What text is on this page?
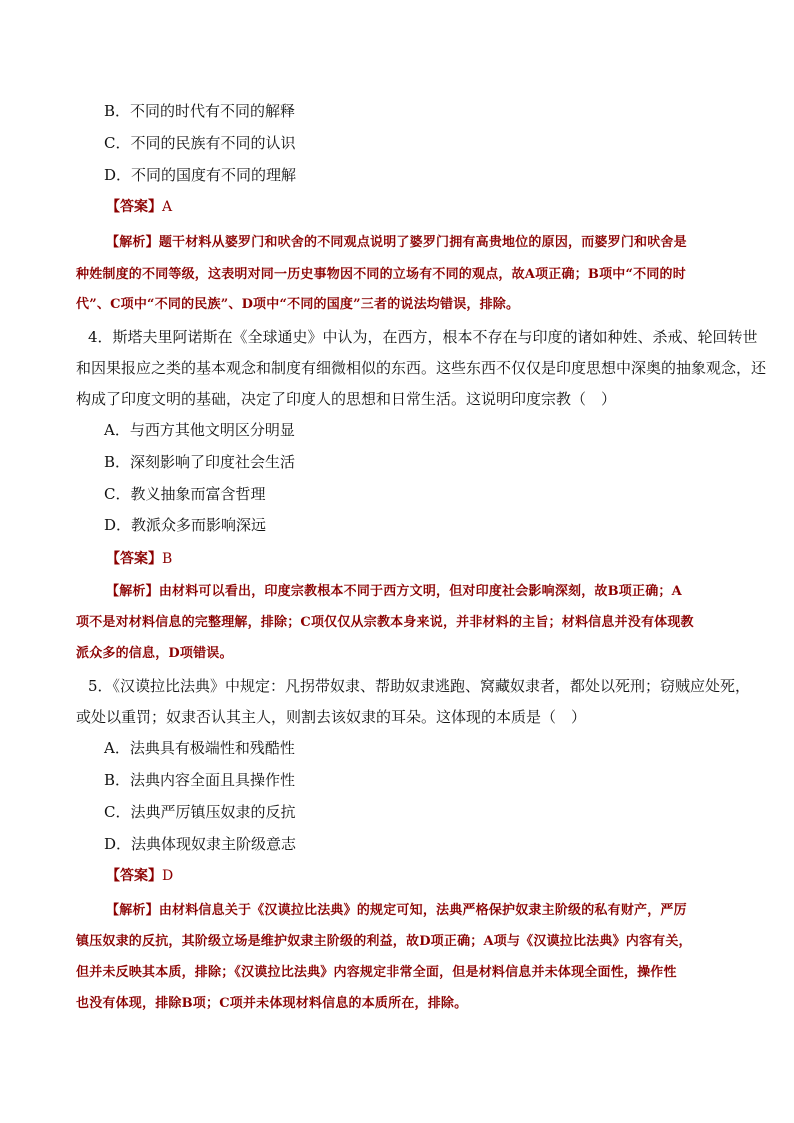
B．不同的时代有不同的解释
C．不同的民族有不同的认识
D．不同的国度有不同的理解
【答案】A
【解析】题干材料从婆罗门和吠舍的不同观点说明了婆罗门拥有高贵地位的原因，而婆罗门和吠舍是
种姓制度的不同等级，这表明对同一历史事物因不同的立场有不同的观点，故A项正确；B项中“不同的时
代”、C项中“不同的民族”、D项中“不同的国度”三者的说法均错误，排除。
4．斯塔夫里阿诺斯在《全球通史》中认为，在西方，根本不存在与印度的诸如种姓、杀戒、轮回转世
和因果报应之类的基本观念和制度有细微相似的东西。这些东西不仅仅是印度思想中深奥的抽象观念，还
构成了印度文明的基础，决定了印度人的思想和日常生活。这说明印度宗教（　）
A．与西方其他文明区分明显
B．深刻影响了印度社会生活
C．教义抽象而富含哲理
D．教派众多而影响深远
【答案】B
【解析】由材料可以看出，印度宗教根本不同于西方文明，但对印度社会影响深刻，故B项正确；A
项不是对材料信息的完整理解，排除；C项仅仅从宗教本身来说，并非材料的主旨；材料信息并没有体现教
派众多的信息，D项错误。
5．《汉谟拉比法典》中规定：凡拐带奴隶、帮助奴隶逃跑、窝藏奴隶者，都处以死刑；窃贼应处死，
或处以重罚；奴隶否认其主人，则割去该奴隶的耳朵。这体现的本质是（　）
A．法典具有极端性和残酷性
B．法典内容全面且具操作性
C．法典严厉镇压奴隶的反抗
D．法典体现奴隶主阶级意志
【答案】D
【解析】由材料信息关于《汉谟拉比法典》的规定可知，法典严格保护奴隶主阶级的私有财产，严厉
镇压奴隶的反抗，其阶级立场是维护奴隶主阶级的利益，故D项正确；A项与《汉谟拉比法典》内容有关，
但并未反映其本质，排除；《汉谟拉比法典》内容规定非常全面，但是材料信息并未体现全面性，操作性
也没有体现，排除B项；C项并未体现材料信息的本质所在，排除。
